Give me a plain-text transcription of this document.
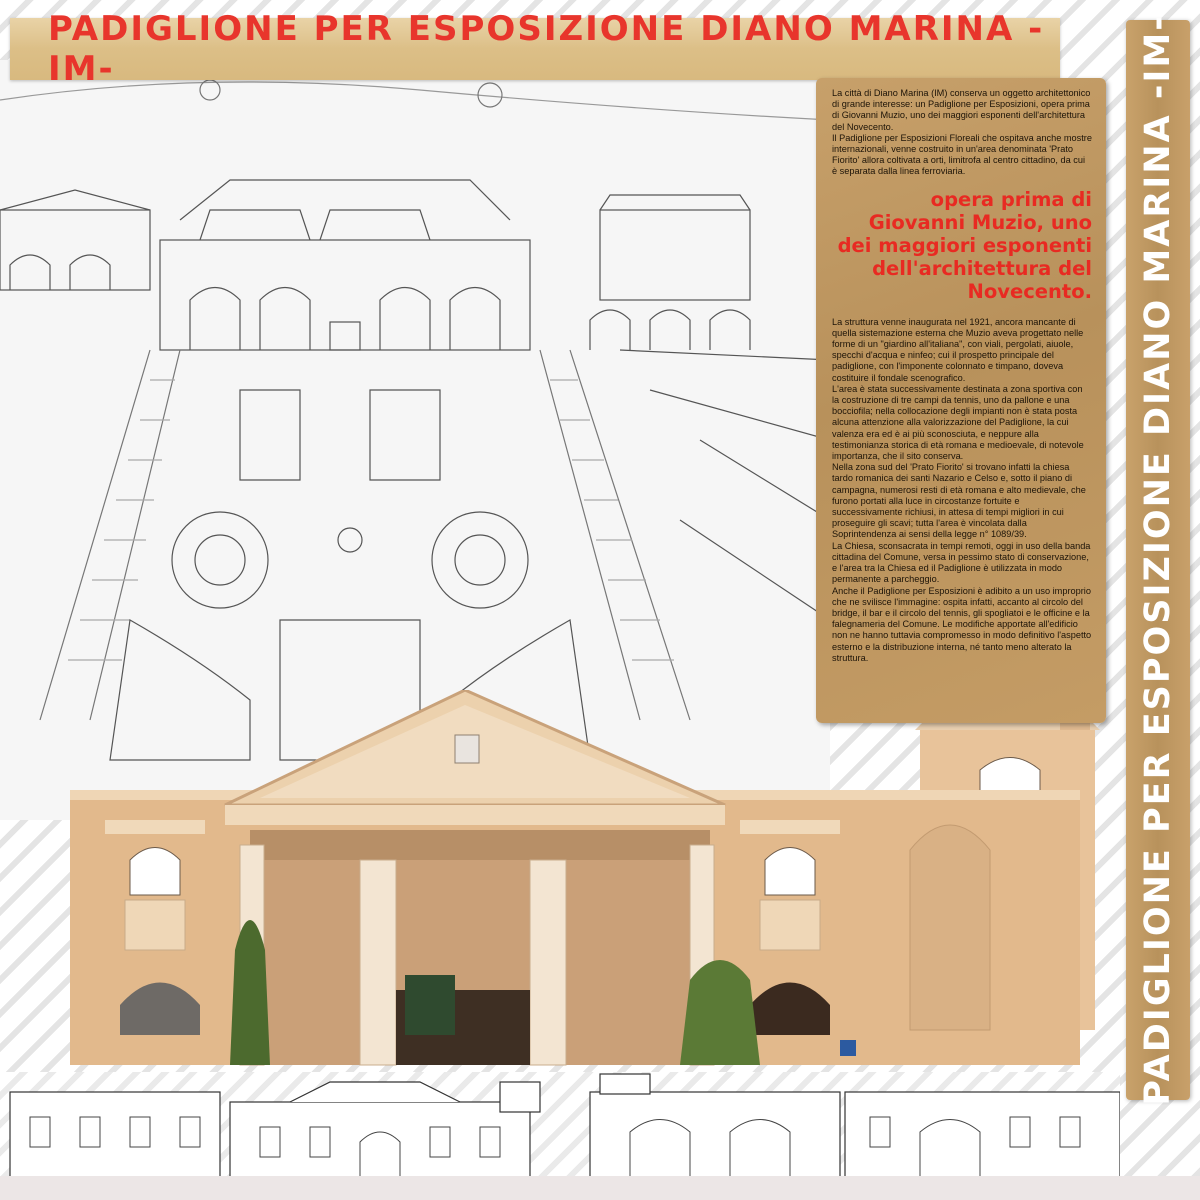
PADIGLIONE PER ESPOSIZIONE DIANO MARINA -IM-

La città di Diano Marina (IM) conserva un oggetto architettonico di grande interesse: un Padiglione per Esposizioni, opera prima di Giovanni Muzio, uno dei maggiori esponenti dell'architettura del Novecento.
Il Padiglione per Esposizioni Floreali che ospitava anche mostre internazionali, venne costruito in un'area denominata 'Prato Fiorito' allora coltivata a orti, limitrofa al centro cittadino, da cui è separata dalla linea ferroviaria.

opera prima di Giovanni Muzio, uno dei maggiori esponenti dell'architettura del Novecento.

La struttura venne inaugurata nel 1921, ancora mancante di quella sistemazione esterna che Muzio aveva progettato nelle forme di un "giardino all'italiana", con viali, pergolati, aiuole, specchi d'acqua e ninfeo; cui il prospetto principale del padiglione, con l'imponente colonnato e timpano, doveva costituire il fondale scenografico.
L'area è stata successivamente destinata a zona sportiva con la costruzione di tre campi da tennis, uno da pallone e una bocciofila; nella collocazione degli impianti non è stata posta alcuna attenzione alla valorizzazione del Padiglione, la cui valenza era ed è ai più sconosciuta, e neppure alla testimonianza storica di età romana e medioevale, di notevole importanza, che il sito conserva.
Nella zona sud del 'Prato Fiorito' si trovano infatti la chiesa tardo romanica dei santi Nazario e Celso e, sotto il piano di campagna, numerosi resti di età romana e alto medievale, che furono portati alla luce in circostanze fortuite e successivamente richiusi, in attesa di tempi migliori in cui proseguire gli scavi; tutta l'area è vincolata dalla Soprintendenza ai sensi della legge n° 1089/39.
La Chiesa, sconsacrata in tempi remoti, oggi in uso della banda cittadina del Comune, versa in pessimo stato di conservazione, e l'area tra la Chiesa ed il Padiglione è utilizzata in modo permanente a parcheggio.
Anche il Padiglione per Esposizioni è adibito a un uso improprio che ne svilisce l'immagine: ospita infatti, accanto al circolo del bridge, il bar e il circolo del tennis, gli spogliatoi e le officine e la falegnameria del Comune. Le modifiche apportate all'edificio non ne hanno tuttavia compromesso in modo definitivo l'aspetto esterno e la distribuzione interna, né tanto meno alterato la struttura.	PADIGLIONE PER ESPOSIZIONE DIANO MARINA -IM-
